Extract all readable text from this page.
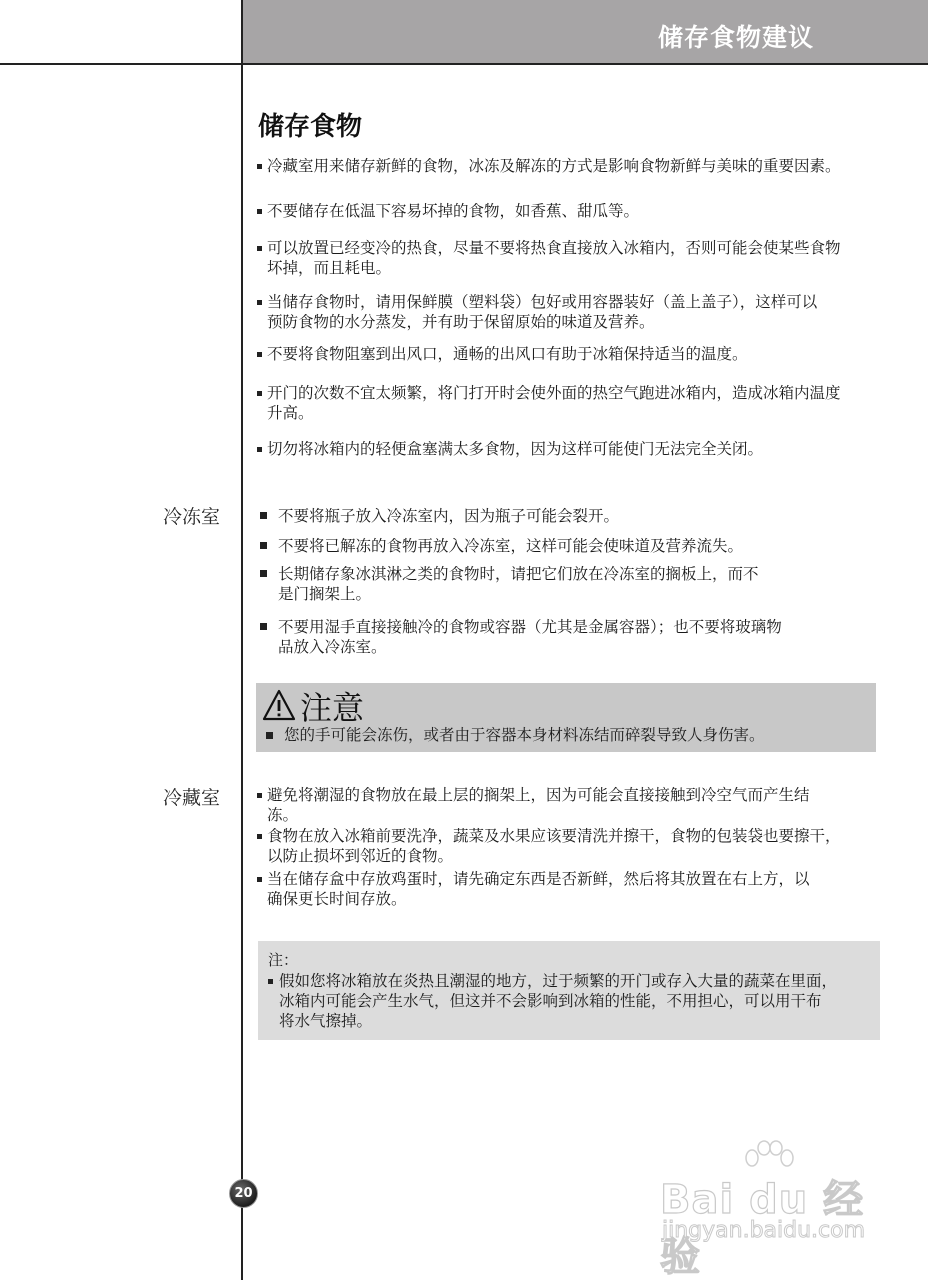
储存食物建议
储存食物
冷藏室用来储存新鲜的食物，冰冻及解冻的方式是影响食物新鲜与美味的重要因素。
不要储存在低温下容易坏掉的食物，如香蕉、甜瓜等。
可以放置已经变冷的热食，尽量不要将热食直接放入冰箱内，否则可能会使某些食物
坏掉，而且耗电。
当储存食物时，请用保鲜膜（塑料袋）包好或用容器装好（盖上盖子），这样可以
预防食物的水分蒸发，并有助于保留原始的味道及营养。
不要将食物阻塞到出风口，通畅的出风口有助于冰箱保持适当的温度。
开门的次数不宜太频繁，将门打开时会使外面的热空气跑进冰箱内，造成冰箱内温度
升高。
切勿将冰箱内的轻便盒塞满太多食物，因为这样可能使门无法完全关闭。
冷冻室	不要将瓶子放入冷冻室内，因为瓶子可能会裂开。
不要将已解冻的食物再放入冷冻室，这样可能会使味道及营养流失。
长期储存象冰淇淋之类的食物时，请把它们放在冷冻室的搁板上，而不
是门搁架上。
不要用湿手直接接触冷的食物或容器（尤其是金属容器）；也不要将玻璃物
品放入冷冻室。
注意
您的手可能会冻伤，或者由于容器本身材料冻结而碎裂导致人身伤害。
冷藏室	避免将潮湿的食物放在最上层的搁架上，因为可能会直接接触到冷空气而产生结
冻。
食物在放入冰箱前要洗净，蔬菜及水果应该要清洗并擦干，食物的包装袋也要擦干，
以防止损坏到邻近的食物。
当在储存盒中存放鸡蛋时，请先确定东西是否新鲜，然后将其放置在右上方，以
确保更长时间存放。
注：
假如您将冰箱放在炎热且潮湿的地方，过于频繁的开门或存入大量的蔬菜在里面，
冰箱内可能会产生水气，但这并不会影响到冰箱的性能，不用担心，可以用干布
将水气擦掉。
20	Bai du 经验
jingyan.baidu.com
